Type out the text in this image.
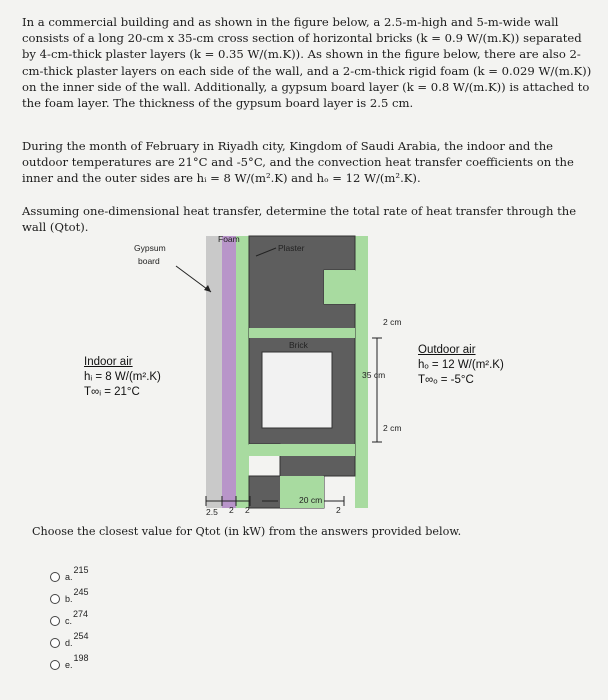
In a commercial building and as shown in the figure below, a 2.5-m-high and 5-m-wide wall consists of a long 20-cm x 35-cm cross section of horizontal bricks (k = 0.9 W/(m.K)) separated by 4-cm-thick plaster layers (k = 0.35 W/(m.K)). As shown in the figure below, there are also 2-cm-thick plaster layers on each side of the wall, and a 2-cm-thick rigid foam (k = 0.029 W/(m.K)) on the inner side of the wall. Additionally, a gypsum board layer (k = 0.8 W/(m.K)) is attached to the foam layer. The thickness of the gypsum board layer is 2.5 cm.
During the month of February in Riyadh city, Kingdom of Saudi Arabia, the indoor and the outdoor temperatures are 21°C and -5°C, and the convection heat transfer coefficients on the inner and the outer sides are hᵢ = 8 W/(m².K) and hₒ = 12 W/(m².K).
Assuming one-dimensional heat transfer, determine the total rate of heat transfer through the wall (Qtot).
Foam
Gypsum
board
Plaster
Brick
2 cm
35 cm
2 cm
20 cm
2.5 2 2	2
Indoor air
hᵢ = 8 W/(m².K)
T∞ᵢ = 21°C
Outdoor air
hₒ = 12 W/(m².K)
T∞ₒ = -5°C
Choose the closest value for Qtot (in kW) from the answers provided below.
a.
215
b.
245
c.
274
d.
254
e.
198
